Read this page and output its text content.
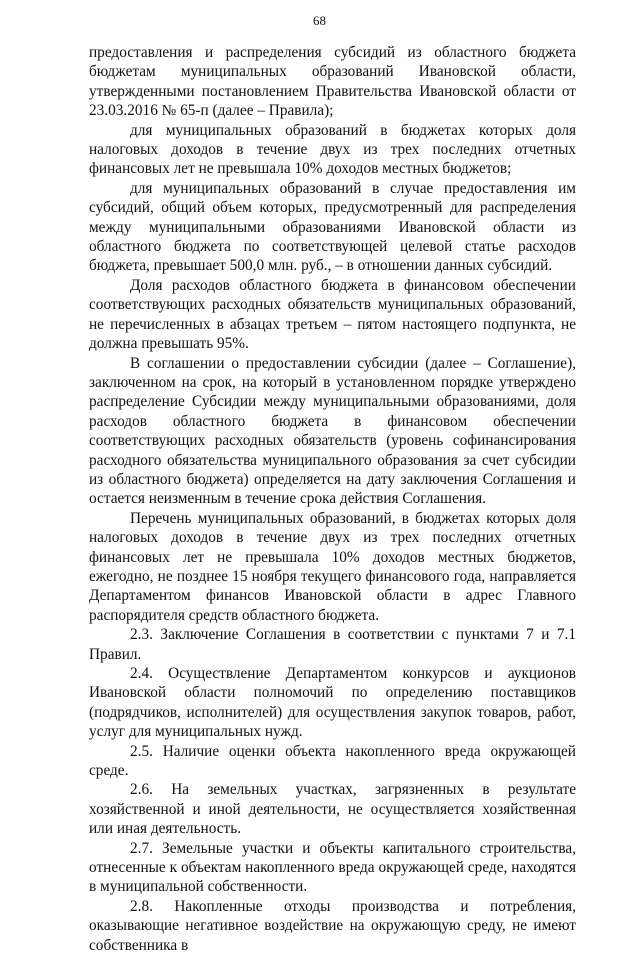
68

предоставления и распределения субсидий из областного бюджета бюджетам муниципальных образований Ивановской области, утвержденными постановлением Правительства Ивановской области от 23.03.2016 № 65-п (далее – Правила);

для муниципальных образований в бюджетах которых доля налоговых доходов в течение двух из трех последних отчетных финансовых лет не превышала 10% доходов местных бюджетов;

для муниципальных образований в случае предоставления им субсидий, общий объем которых, предусмотренный для распределения между муниципальными образованиями Ивановской области из областного бюджета по соответствующей целевой статье расходов бюджета, превышает 500,0 млн. руб., – в отношении данных субсидий.

Доля расходов областного бюджета в финансовом обеспечении соответствующих расходных обязательств муниципальных образований, не перечисленных в абзацах третьем – пятом настоящего подпункта, не должна превышать 95%.

В соглашении о предоставлении субсидии (далее – Соглашение), заключенном на срок, на который в установленном порядке утверждено распределение Субсидии между муниципальными образованиями, доля расходов областного бюджета в финансовом обеспечении соответствующих расходных обязательств (уровень софинансирования расходного обязательства муниципального образования за счет субсидии из областного бюджета) определяется на дату заключения Соглашения и остается неизменным в течение срока действия Соглашения.

Перечень муниципальных образований, в бюджетах которых доля налоговых доходов в течение двух из трех последних отчетных финансовых лет не превышала 10% доходов местных бюджетов, ежегодно, не позднее 15 ноября текущего финансового года, направляется Департаментом финансов Ивановской области в адрес Главного распорядителя средств областного бюджета.

2.3. Заключение Соглашения в соответствии с пунктами 7 и 7.1 Правил.

2.4. Осуществление Департаментом конкурсов и аукционов Ивановской области полномочий по определению поставщиков (подрядчиков, исполнителей) для осуществления закупок товаров, работ, услуг для муниципальных нужд.

2.5. Наличие оценки объекта накопленного вреда окружающей среде.

2.6. На земельных участках, загрязненных в результате хозяйственной и иной деятельности, не осуществляется хозяйственная или иная деятельность.

2.7. Земельные участки и объекты капитального строительства, отнесенные к объектам накопленного вреда окружающей среде, находятся в муниципальной собственности.

2.8. Накопленные отходы производства и потребления, оказывающие негативное воздействие на окружающую среду, не имеют собственника в
